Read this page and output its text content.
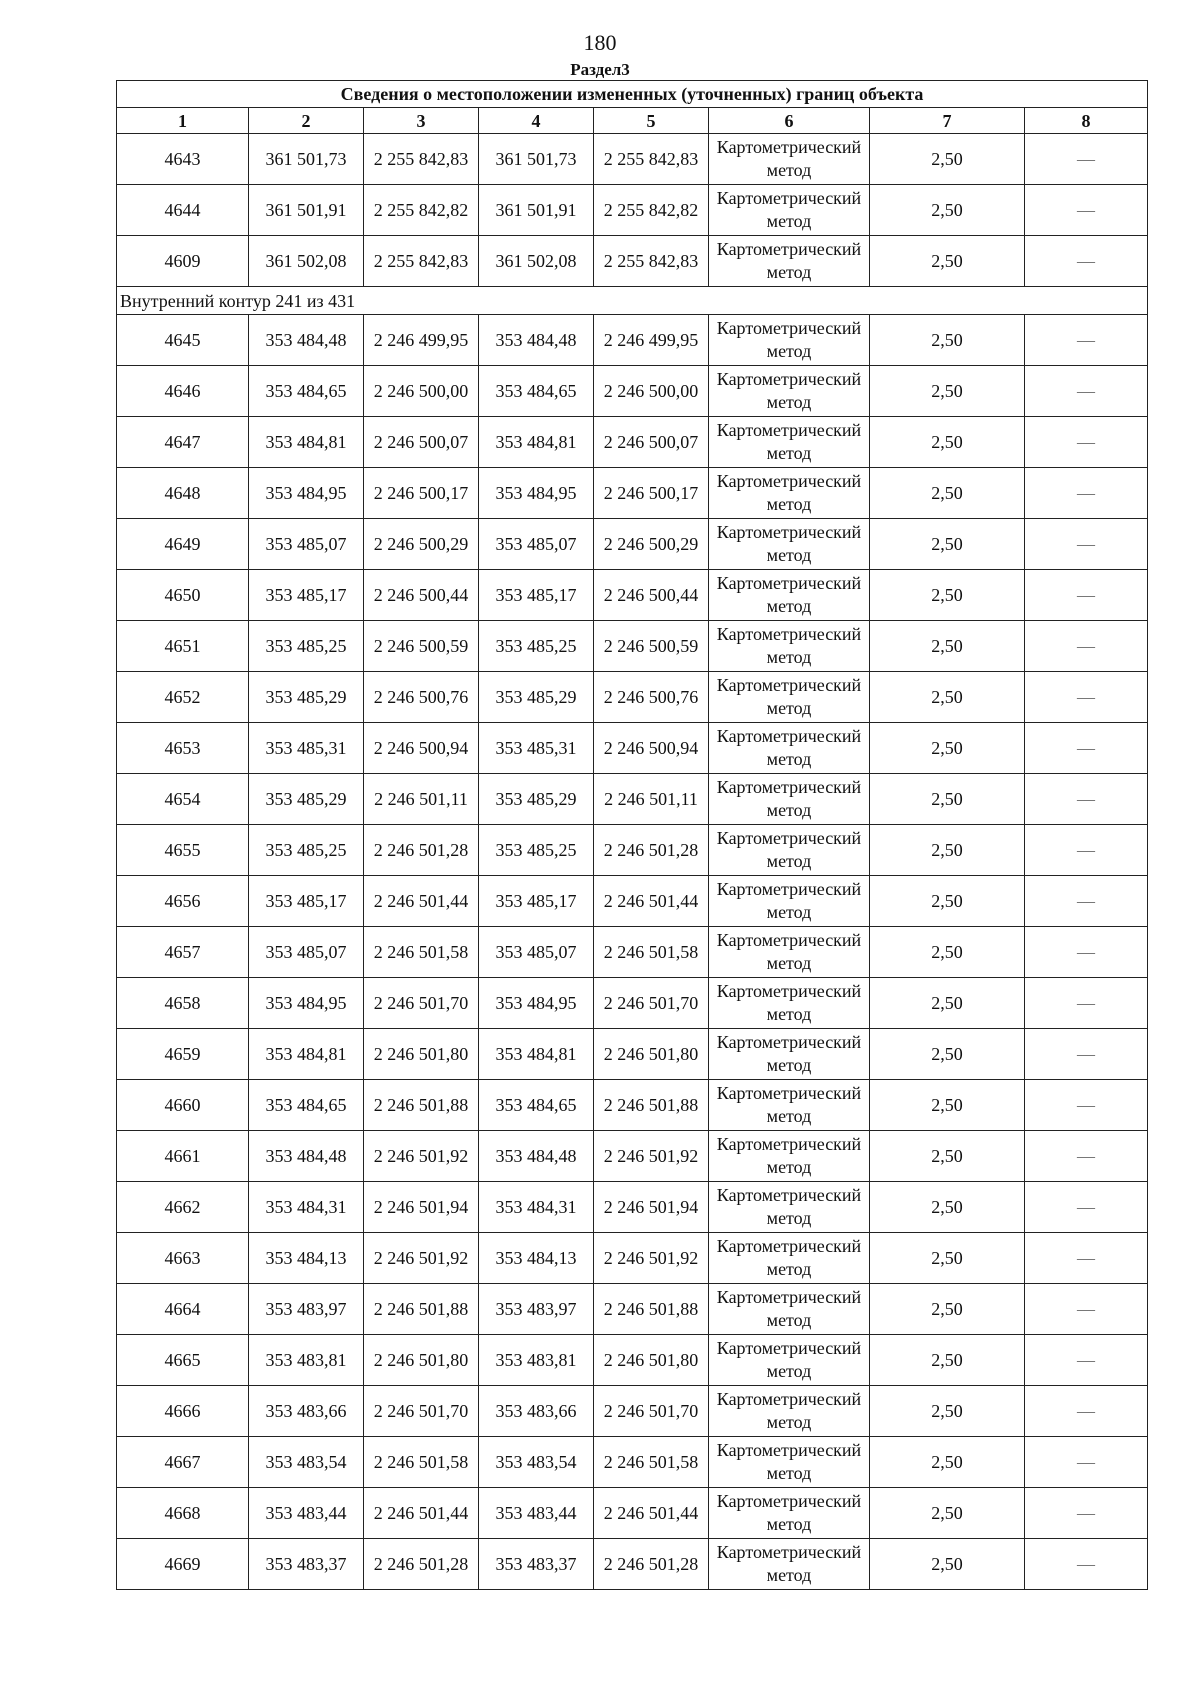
180
Раздел3
Сведения о местоположении измененных (уточненных) границ объекта							
1	2	3	4	5	6	7	8
4643	361 501,73	2 255 842,83	361 501,73	2 255 842,83	Картометрический метод	2,50	—
4644	361 501,91	2 255 842,82	361 501,91	2 255 842,82	Картометрический метод	2,50	—
4609	361 502,08	2 255 842,83	361 502,08	2 255 842,83	Картометрический метод	2,50	—
Внутренний контур 241 из 431							
4645	353 484,48	2 246 499,95	353 484,48	2 246 499,95	Картометрический метод	2,50	—
4646	353 484,65	2 246 500,00	353 484,65	2 246 500,00	Картометрический метод	2,50	—
4647	353 484,81	2 246 500,07	353 484,81	2 246 500,07	Картометрический метод	2,50	—
4648	353 484,95	2 246 500,17	353 484,95	2 246 500,17	Картометрический метод	2,50	—
4649	353 485,07	2 246 500,29	353 485,07	2 246 500,29	Картометрический метод	2,50	—
4650	353 485,17	2 246 500,44	353 485,17	2 246 500,44	Картометрический метод	2,50	—
4651	353 485,25	2 246 500,59	353 485,25	2 246 500,59	Картометрический метод	2,50	—
4652	353 485,29	2 246 500,76	353 485,29	2 246 500,76	Картометрический метод	2,50	—
4653	353 485,31	2 246 500,94	353 485,31	2 246 500,94	Картометрический метод	2,50	—
4654	353 485,29	2 246 501,11	353 485,29	2 246 501,11	Картометрический метод	2,50	—
4655	353 485,25	2 246 501,28	353 485,25	2 246 501,28	Картометрический метод	2,50	—
4656	353 485,17	2 246 501,44	353 485,17	2 246 501,44	Картометрический метод	2,50	—
4657	353 485,07	2 246 501,58	353 485,07	2 246 501,58	Картометрический метод	2,50	—
4658	353 484,95	2 246 501,70	353 484,95	2 246 501,70	Картометрический метод	2,50	—
4659	353 484,81	2 246 501,80	353 484,81	2 246 501,80	Картометрический метод	2,50	—
4660	353 484,65	2 246 501,88	353 484,65	2 246 501,88	Картометрический метод	2,50	—
4661	353 484,48	2 246 501,92	353 484,48	2 246 501,92	Картометрический метод	2,50	—
4662	353 484,31	2 246 501,94	353 484,31	2 246 501,94	Картометрический метод	2,50	—
4663	353 484,13	2 246 501,92	353 484,13	2 246 501,92	Картометрический метод	2,50	—
4664	353 483,97	2 246 501,88	353 483,97	2 246 501,88	Картометрический метод	2,50	—
4665	353 483,81	2 246 501,80	353 483,81	2 246 501,80	Картометрический метод	2,50	—
4666	353 483,66	2 246 501,70	353 483,66	2 246 501,70	Картометрический метод	2,50	—
4667	353 483,54	2 246 501,58	353 483,54	2 246 501,58	Картометрический метод	2,50	—
4668	353 483,44	2 246 501,44	353 483,44	2 246 501,44	Картометрический метод	2,50	—
4669	353 483,37	2 246 501,28	353 483,37	2 246 501,28	Картометрический метод	2,50	—
